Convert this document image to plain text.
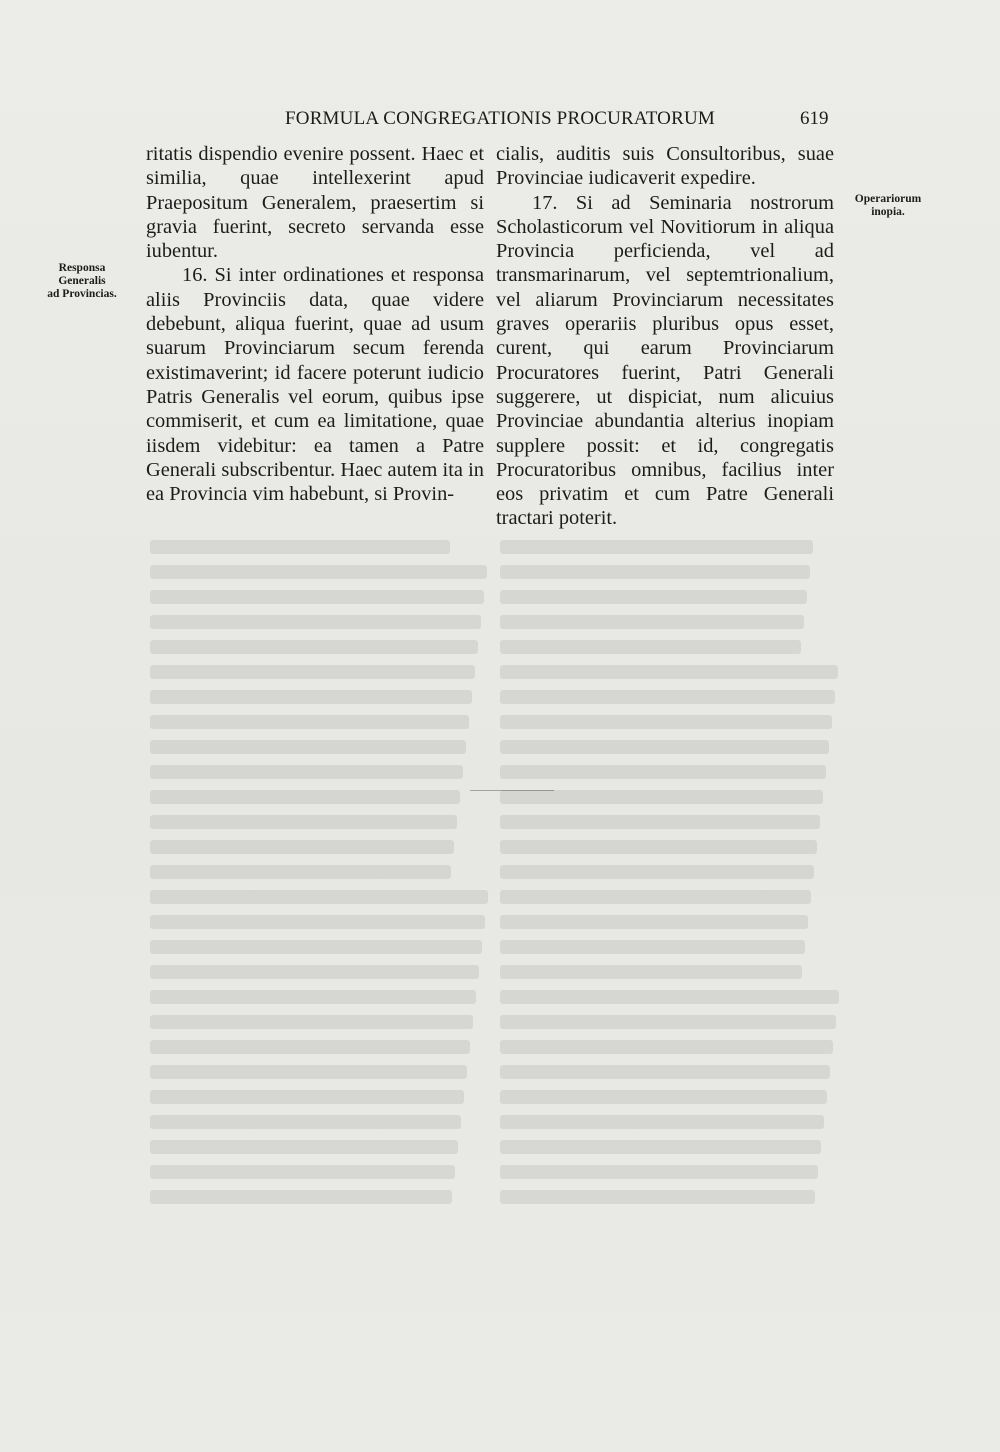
FORMULA CONGREGATIONIS PROCURATORUM	619
Responsa
Generalis
ad Provincias.
Operariorum
inopia.

ritatis dispendio evenire possent. Haec et similia, quae intellexerint apud Praepositum Generalem, praesertim si gravia fuerint, secreto servanda esse iubentur.

16. Si inter ordinationes et responsa aliis Provinciis data, quae videre debebunt, aliqua fuerint, quae ad usum suarum Provinciarum secum ferenda existimaverint; id facere poterunt iudicio Patris Generalis vel eorum, quibus ipse commiserit, et cum ea limitatione, quae iisdem videbitur: ea tamen a Patre Generali subscribentur. Haec autem ita in ea Provincia vim habebunt, si Provin-

cialis, auditis suis Consultoribus, suae Provinciae iudicaverit expedire.

17. Si ad Seminaria nostrorum Scholasticorum vel Novitiorum in aliqua Provincia perficienda, vel ad transmarinarum, vel septemtrionalium, vel aliarum Provinciarum necessitates graves operariis pluribus opus esset, curent, qui earum Provinciarum Procuratores fuerint, Patri Generali suggerere, ut dispiciat, num alicuius Provinciae abundantia alterius inopiam supplere possit: et id, congregatis Procuratoribus omnibus, facilius inter eos privatim et cum Patre Generali tractari poterit.
